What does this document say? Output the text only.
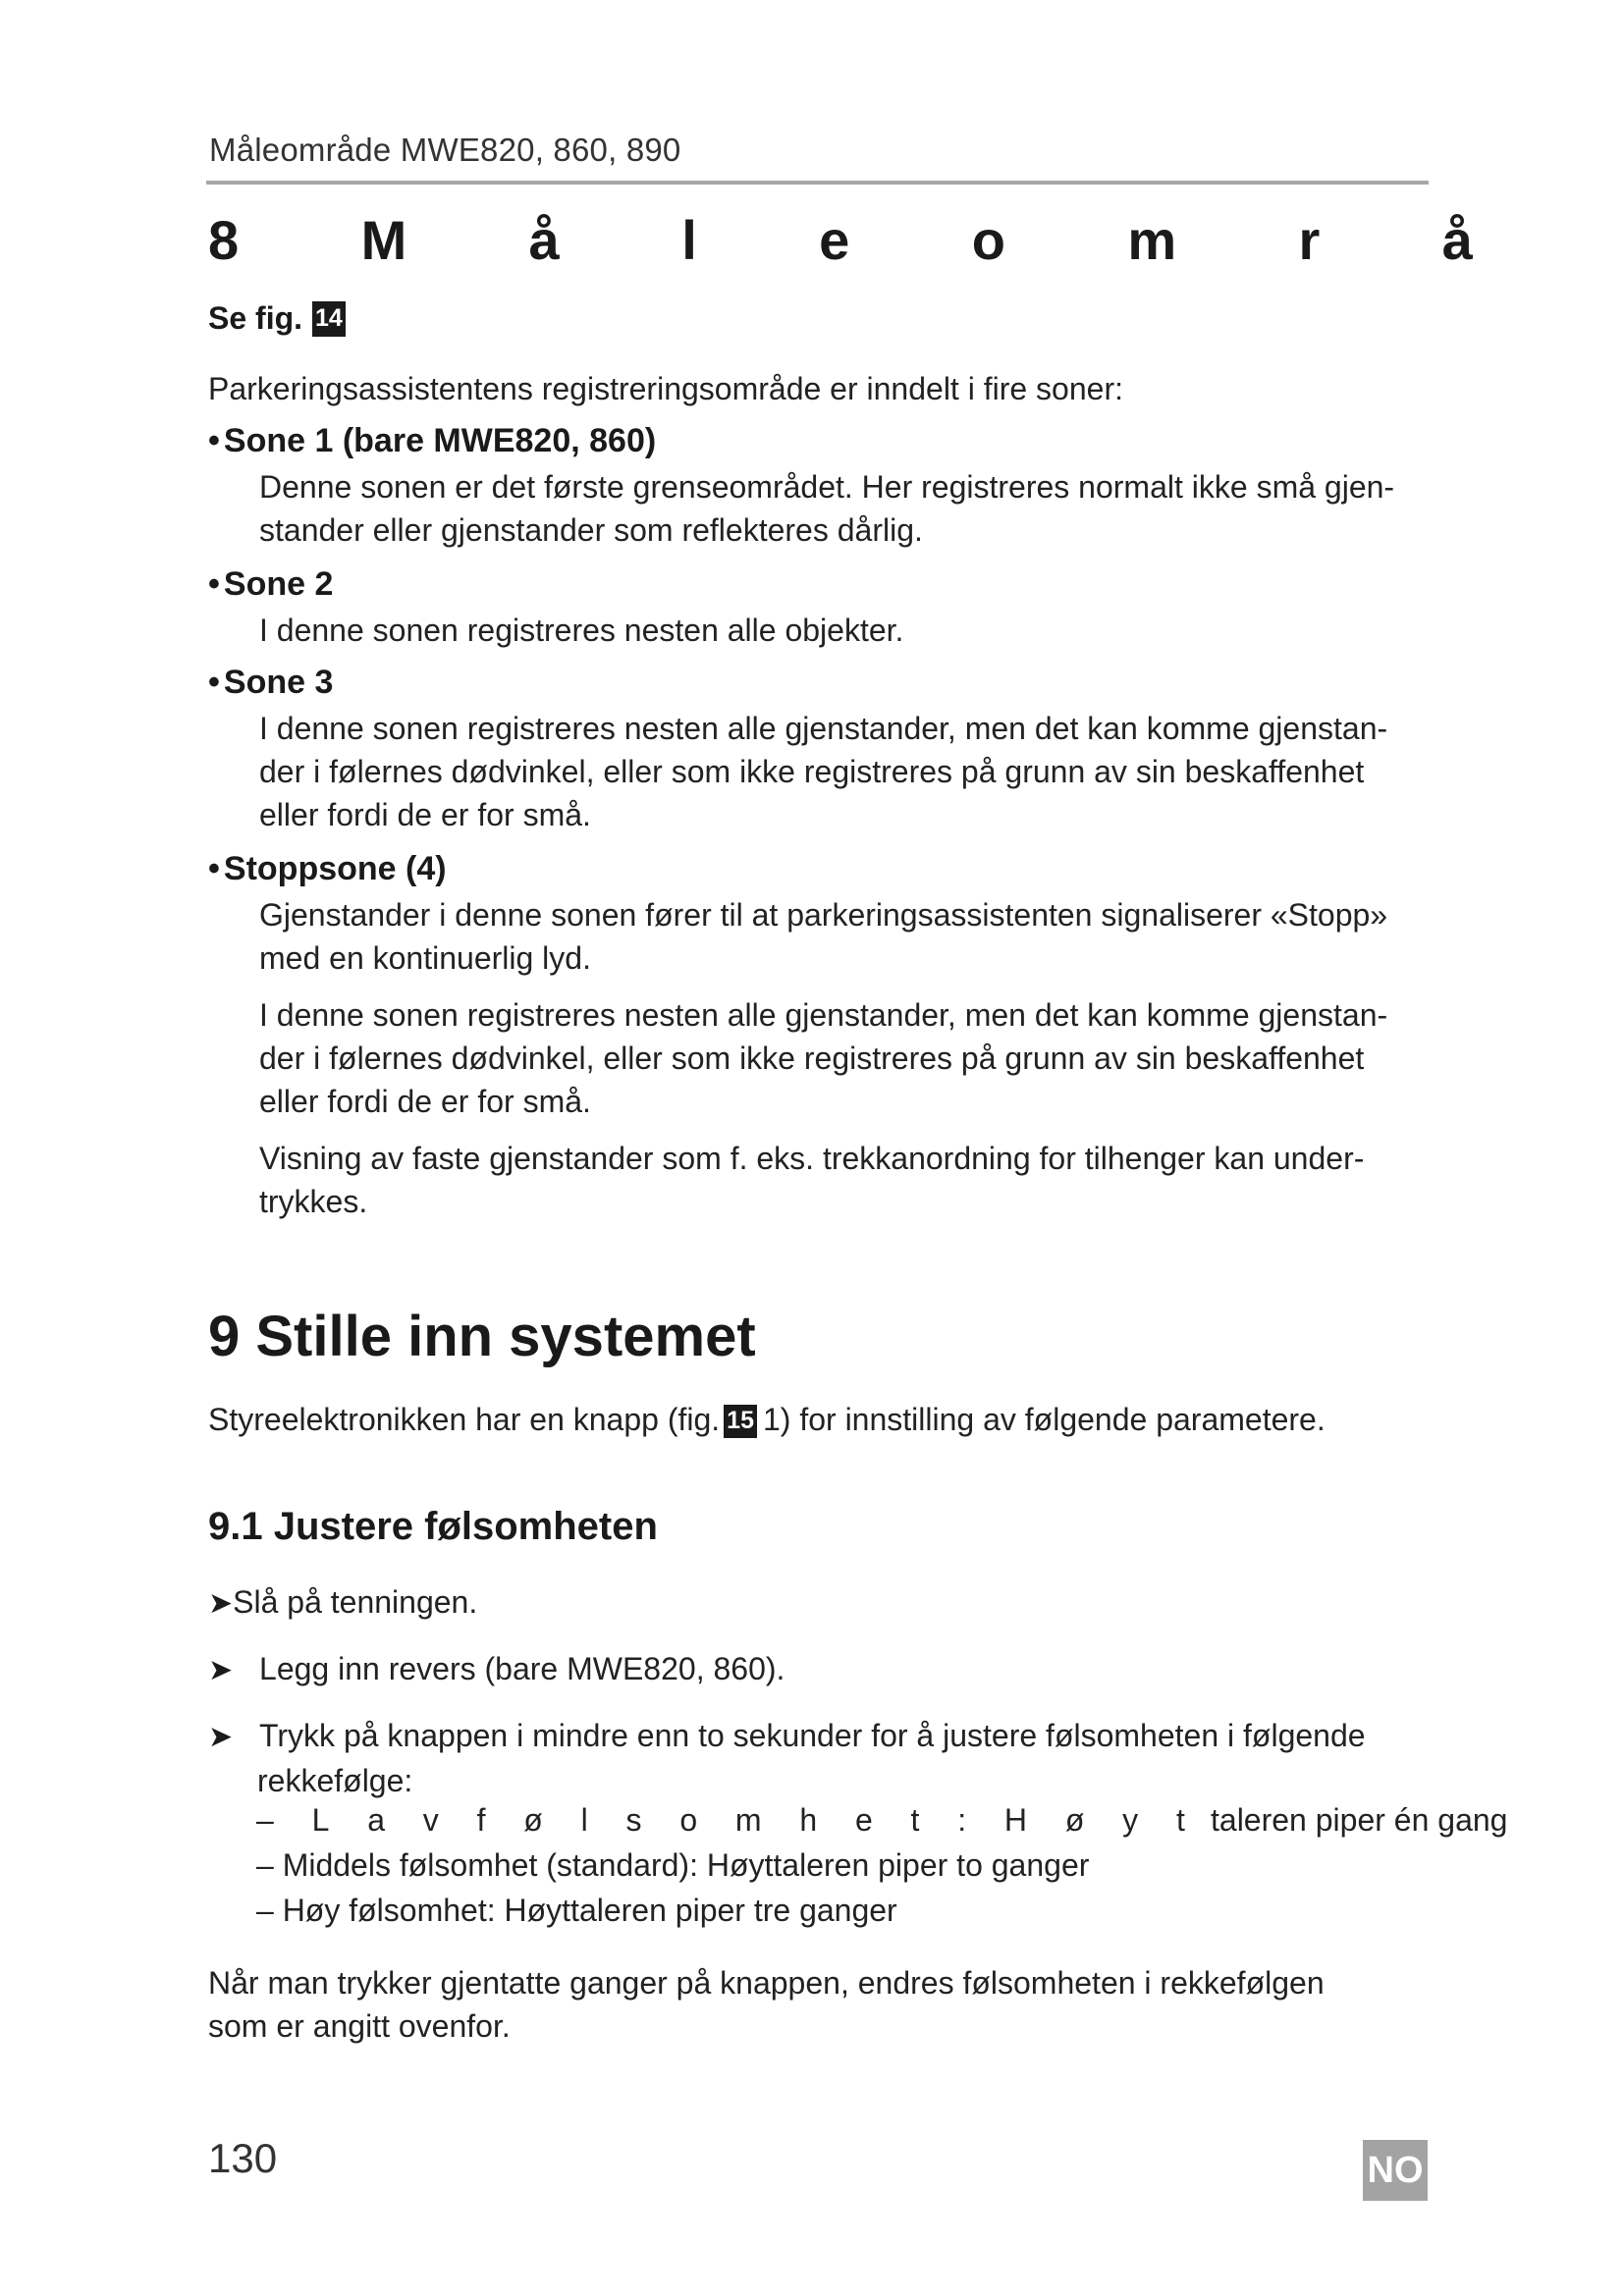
Måleområde MWE820, 860, 890
8 M å l e o m r å
Se fig. 14
Parkeringsassistentens registreringsområde er inndelt i fire soner:
• Sone 1 (bare MWE820, 860)
Denne sonen er det første grenseområdet. Her registreres normalt ikke små gjen-
stander eller gjenstander som reflekteres dårlig.
• Sone 2
I denne sonen registreres nesten alle objekter.
• Sone 3
I denne sonen registreres nesten alle gjenstander, men det kan komme gjenstan-
der i følernes dødvinkel, eller som ikke registreres på grunn av sin beskaffenhet
eller fordi de er for små.
• Stoppsone (4)
Gjenstander i denne sonen fører til at parkeringsassistenten signaliserer «Stopp»
med en kontinuerlig lyd.
I denne sonen registreres nesten alle gjenstander, men det kan komme gjenstan-
der i følernes dødvinkel, eller som ikke registreres på grunn av sin beskaffenhet
eller fordi de er for små.
Visning av faste gjenstander som f. eks. trekkanordning for tilhenger kan under-
trykkes.
9 Stille inn systemet
Styreelektronikken har en knapp (fig. 15 1) for innstilling av følgende parametere.
9.1 Justere følsomheten
➤Slå på tenningen.
➤ Legg inn revers (bare MWE820, 860).
➤ Trykk på knappen i mindre enn to sekunder for å justere følsomheten i følgende
rekkefølge:
– L a v f ø l s o m h e t : H ø y t taleren piper én gang
– Middels følsomhet (standard): Høyttaleren piper to ganger
– Høy følsomhet: Høyttaleren piper tre ganger
Når man trykker gjentatte ganger på knappen, endres følsomheten i rekkefølgen
som er angitt ovenfor.
130	NO
